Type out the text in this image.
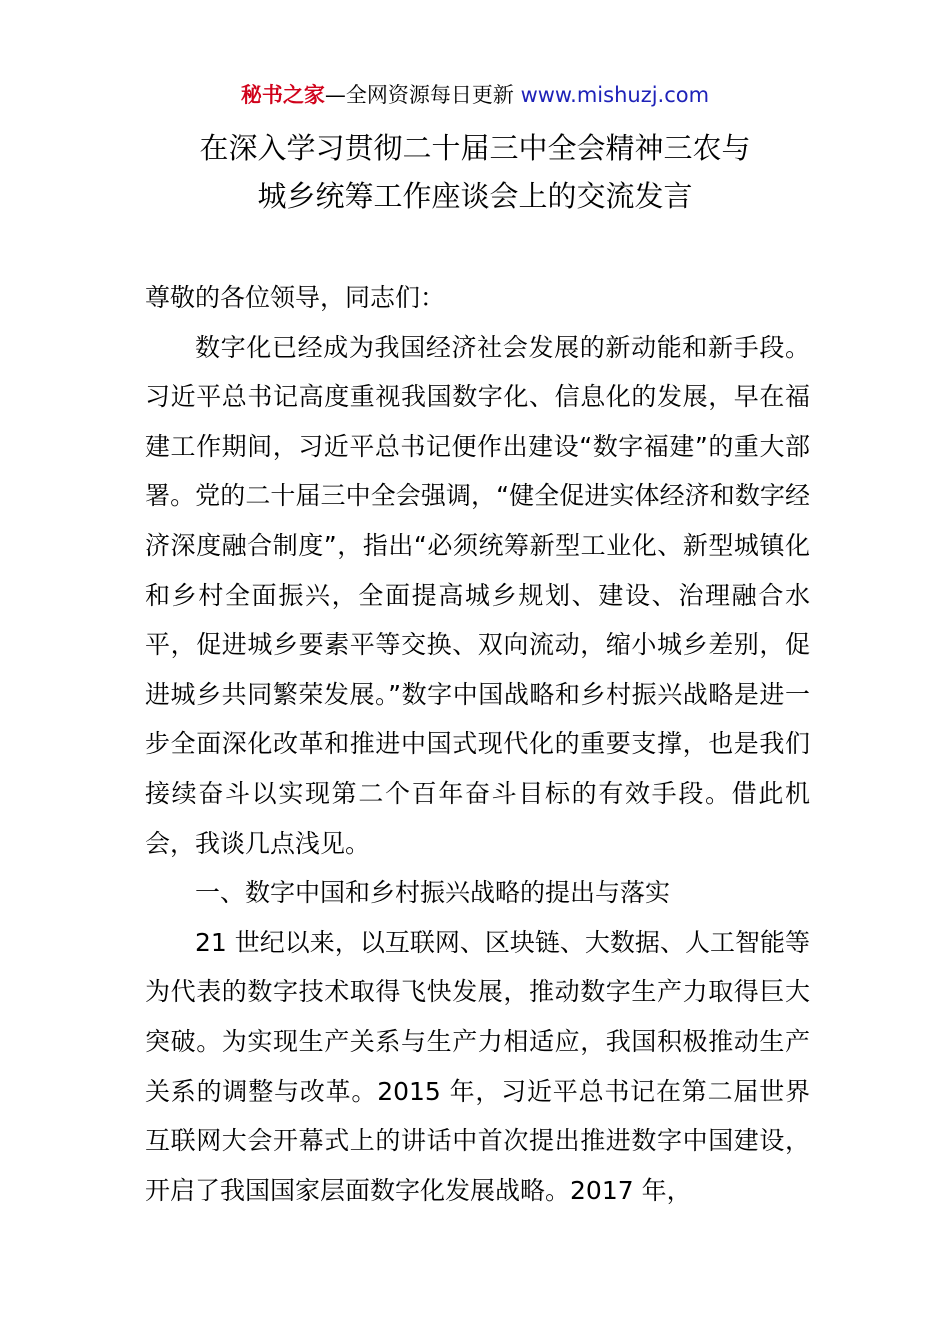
秘书之家—全网资源每日更新 www.mishuzj.com
在深入学习贯彻二十届三中全会精神三农与
城乡统筹工作座谈会上的交流发言

尊敬的各位领导，同志们：

数字化已经成为我国经济社会发展的新动能和新手段。习近平总书记高度重视我国数字化、信息化的发展，早在福建工作期间，习近平总书记便作出建设“数字福建”的重大部署。党的二十届三中全会强调，“健全促进实体经济和数字经济深度融合制度”，指出“必须统筹新型工业化、新型城镇化和乡村全面振兴，全面提高城乡规划、建设、治理融合水平，促进城乡要素平等交换、双向流动，缩小城乡差别，促进城乡共同繁荣发展。”数字中国战略和乡村振兴战略是进一步全面深化改革和推进中国式现代化的重要支撑，也是我们接续奋斗以实现第二个百年奋斗目标的有效手段。借此机会，我谈几点浅见。

一、数字中国和乡村振兴战略的提出与落实

21 世纪以来，以互联网、区块链、大数据、人工智能等为代表的数字技术取得飞快发展，推动数字生产力取得巨大突破。为实现生产关系与生产力相适应，我国积极推动生产关系的调整与改革。2015 年，习近平总书记在第二届世界互联网大会开幕式上的讲话中首次提出推进数字中国建设，开启了我国国家层面数字化发展战略。2017 年，
